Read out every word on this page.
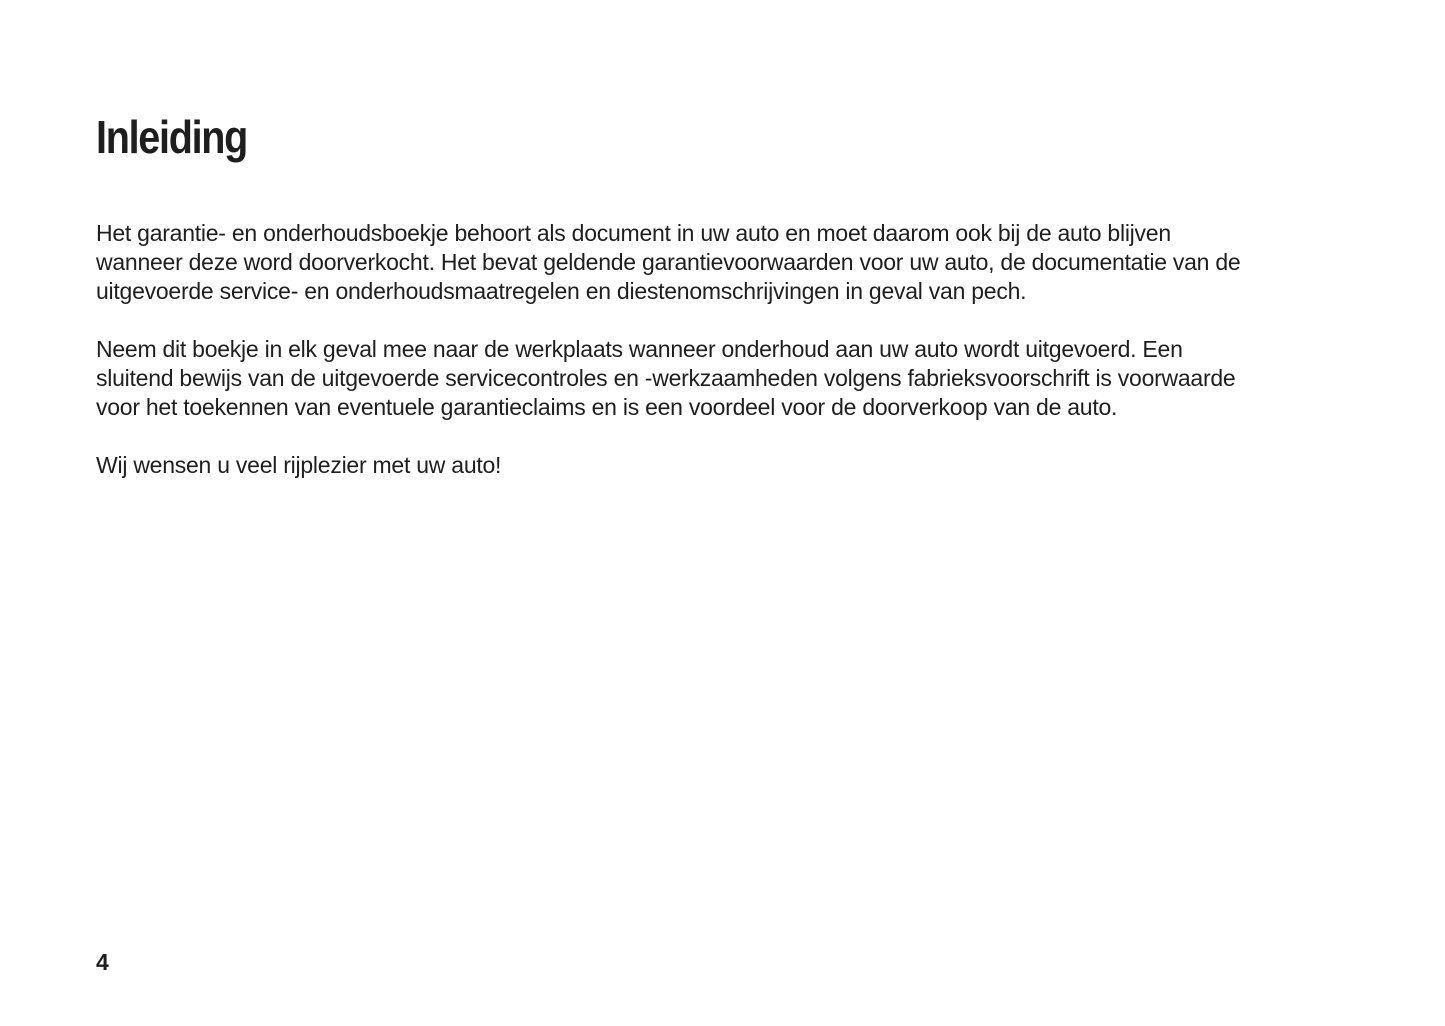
Inleiding

Het garantie- en onderhoudsboekje behoort als document in uw auto en moet daarom ook bij de auto blijven
wanneer deze word doorverkocht. Het bevat geldende garantievoorwaarden voor uw auto, de documentatie van de
uitgevoerde service- en onderhoudsmaatregelen en diestenomschrijvingen in geval van pech.

Neem dit boekje in elk geval mee naar de werkplaats wanneer onderhoud aan uw auto wordt uitgevoerd. Een
sluitend bewijs van de uitgevoerde servicecontroles en -werkzaamheden volgens fabrieksvoorschrift is voorwaarde
voor het toekennen van eventuele garantieclaims en is een voordeel voor de doorverkoop van de auto.

Wij wensen u veel rijplezier met uw auto!

4
